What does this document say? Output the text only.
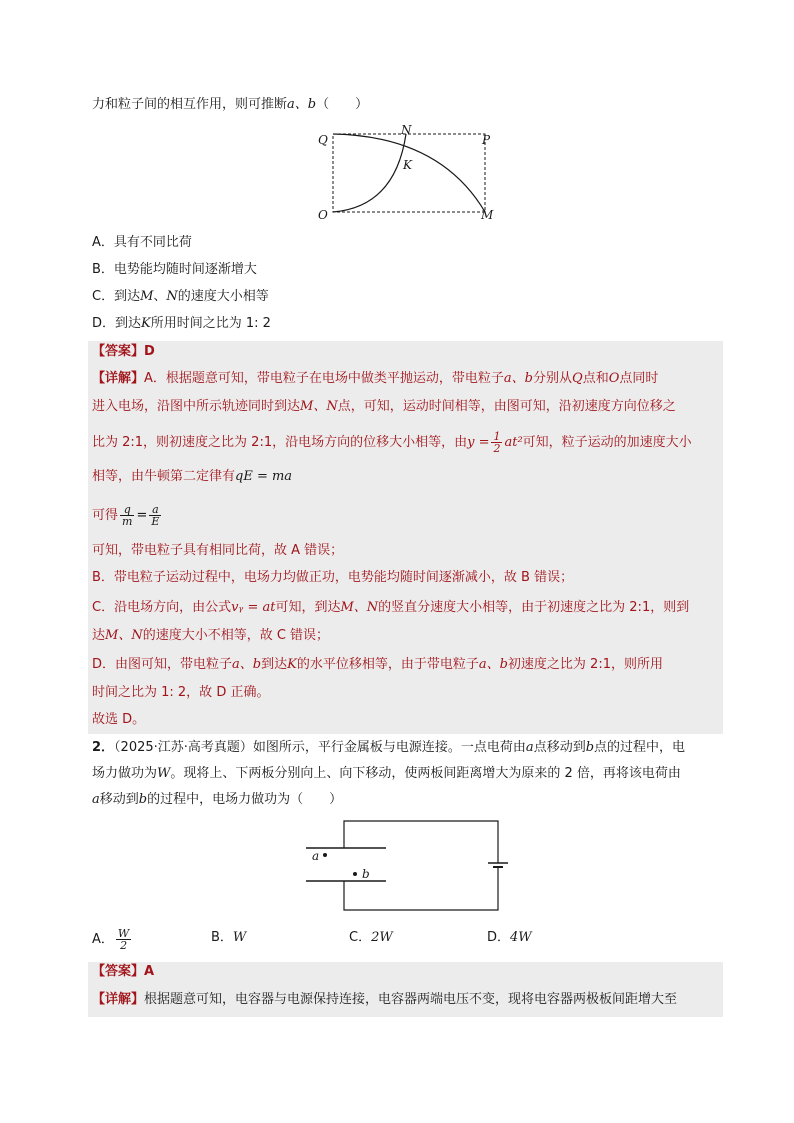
力和粒子间的相互作用，则可推断a、b（　　）
Q
N
P
K
O	M
A．具有不同比荷
B．电势能均随时间逐渐增大
C．到达M、N的速度大小相等
D．到达K所用时间之比为 1: 2
【答案】D
【详解】A．根据题意可知，带电粒子在电场中做类平抛运动，带电粒子a、b分别从Q点和O点同时
进入电场，沿图中所示轨迹同时到达M、N点，可知，运动时间相等，由图可知，沿初速度方向位移之
比为 2:1，则初速度之比为 2:1，沿电场方向的位移大小相等，由$y = \frac{1}{2} at^2$可知，粒子运动的加速度大小
相等，由牛顿第二定律有qE = ma
可得 $\frac{q}{m} = \frac{a}{E}$
可知，带电粒子具有相同比荷，故 A 错误；
B．带电粒子运动过程中，电场力均做正功，电势能均随时间逐渐减小，故 B 错误；
C．沿电场方向，由公式vᵧ = at可知，到达M、N的竖直分速度大小相等，由于初速度之比为 2:1，则到
达M、N的速度大小不相等，故 C 错误；
D．由图可知，带电粒子a、b到达K的水平位移相等，由于带电粒子a、b初速度之比为 2:1，则所用
时间之比为 1: 2，故 D 正确。
故选 D。
2．（2025·江苏·高考真题）如图所示，平行金属板与电源连接。一点电荷由a点移动到b点的过程中，电
场力做功为W。现将上、下两板分别向上、向下移动，使两板间距离增大为原来的 2 倍，再将该电荷由
a移动到b的过程中，电场力做功为（　　）
a
b
A． $\frac{W}{2}$	B．W	C．2W	D．4W
【答案】A
【详解】根据题意可知，电容器与电源保持连接，电容器两端电压不变，现将电容器两极板间距增大至
